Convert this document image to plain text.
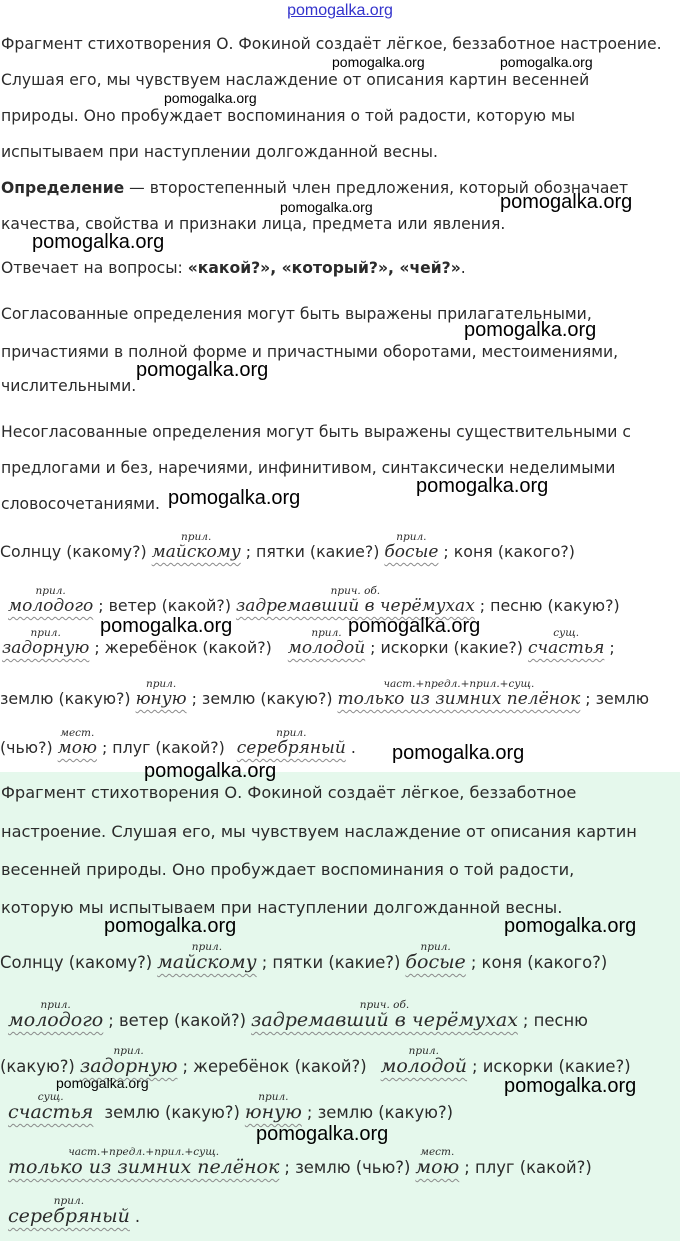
pomogalka.org
Фрагмент стихотворения О. Фокиной создаёт лёгкое, беззаботное настроение.
Слушая его, мы чувствуем наслаждение от описания картин весенней
природы. Оно пробуждает воспоминания о той радости, которую мы
испытываем при наступлении долгожданной весны.
Определение — второстепенный член предложения, который обозначает
качества, свойства и признаки лица, предмета или явления.
Отвечает на вопросы: «какой?», «который?», «чей?».
Согласованные определения могут быть выражены прилагательными,
причастиями в полной форме и причастными оборотами, местоимениями,
числительными.
Несогласованные определения могут быть выражены существительными с
предлогами и без, наречиями, инфинитивом, синтаксически неделимыми
словосочетаниями.
Солнцу (какому?)
прил.
майскому ; пятки (какие?)
прил.
босые ; коня (какого?)
прил.
молодого ; ветер (какой?)
прич. об.
задремавший в черёмухах ; песню (какую?)
прил.
задорную ; жеребёнок (какой?)
прил.
молодой ; искорки (какие?)
сущ.
счастья ;
землю (какую?)
прил.
юную ; землю (какую?)
част.+предл.+прил.+сущ.
только из зимних пелёнок ; землю
(чью?)
мест.
мою ; плуг (какой?)
прил.
серебряный .
Фрагмент стихотворения О. Фокиной создаёт лёгкое, беззаботное
настроение. Слушая его, мы чувствуем наслаждение от описания картин
весенней природы. Оно пробуждает воспоминания о той радости,
которую мы испытываем при наступлении долгожданной весны.
Солнцу (какому?)
прил.
майскому ; пятки (какие?)
прил.
босые ; коня (какого?)
прил.
молодого ; ветер (какой?)
прич. об.
задремавший в черёмухах ; песню
(какую?)
прил.
задорную ; жеребёнок (какой?)
прил.
молодой ; искорки (какие?)
сущ.
счастья землю (какую?)
прил.
юную ; землю (какую?)
част.+предл.+прил.+сущ.
только из зимних пелёнок ; землю (чью?)
мест.
мою ; плуг (какой?)
прил.
серебряный .
pomogalka.org	pomogalka.org
pomogalka.org
pomogalka.org	pomogalka.org
pomogalka.org
pomogalka.org
pomogalka.org
pomogalka.org
pomogalka.org
pomogalka.org	pomogalka.org
pomogalka.org
pomogalka.org
pomogalka.org	pomogalka.org
pomogalka.org	pomogalka.org
pomogalka.org
